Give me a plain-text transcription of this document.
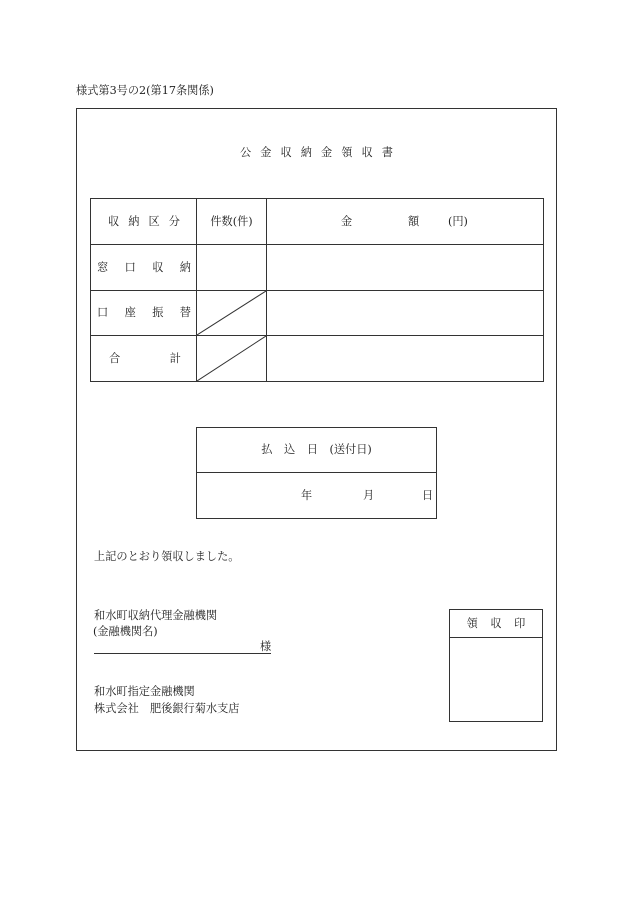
様式第3号の2(第17条関係)
公 金 収 納 金 領 収 書
収 納 区 分	件数(件)	金 額 (円)

窓 口 収 納		
口 座 振 替	

合 計	

払 込 日 (送付日)

年	月	日
上記のとおり領収しました。
和水町収納代理金融機関
(金融機関名)
様
和水町指定金融機関
株式会社　肥後銀行菊水支店
領 収 印
